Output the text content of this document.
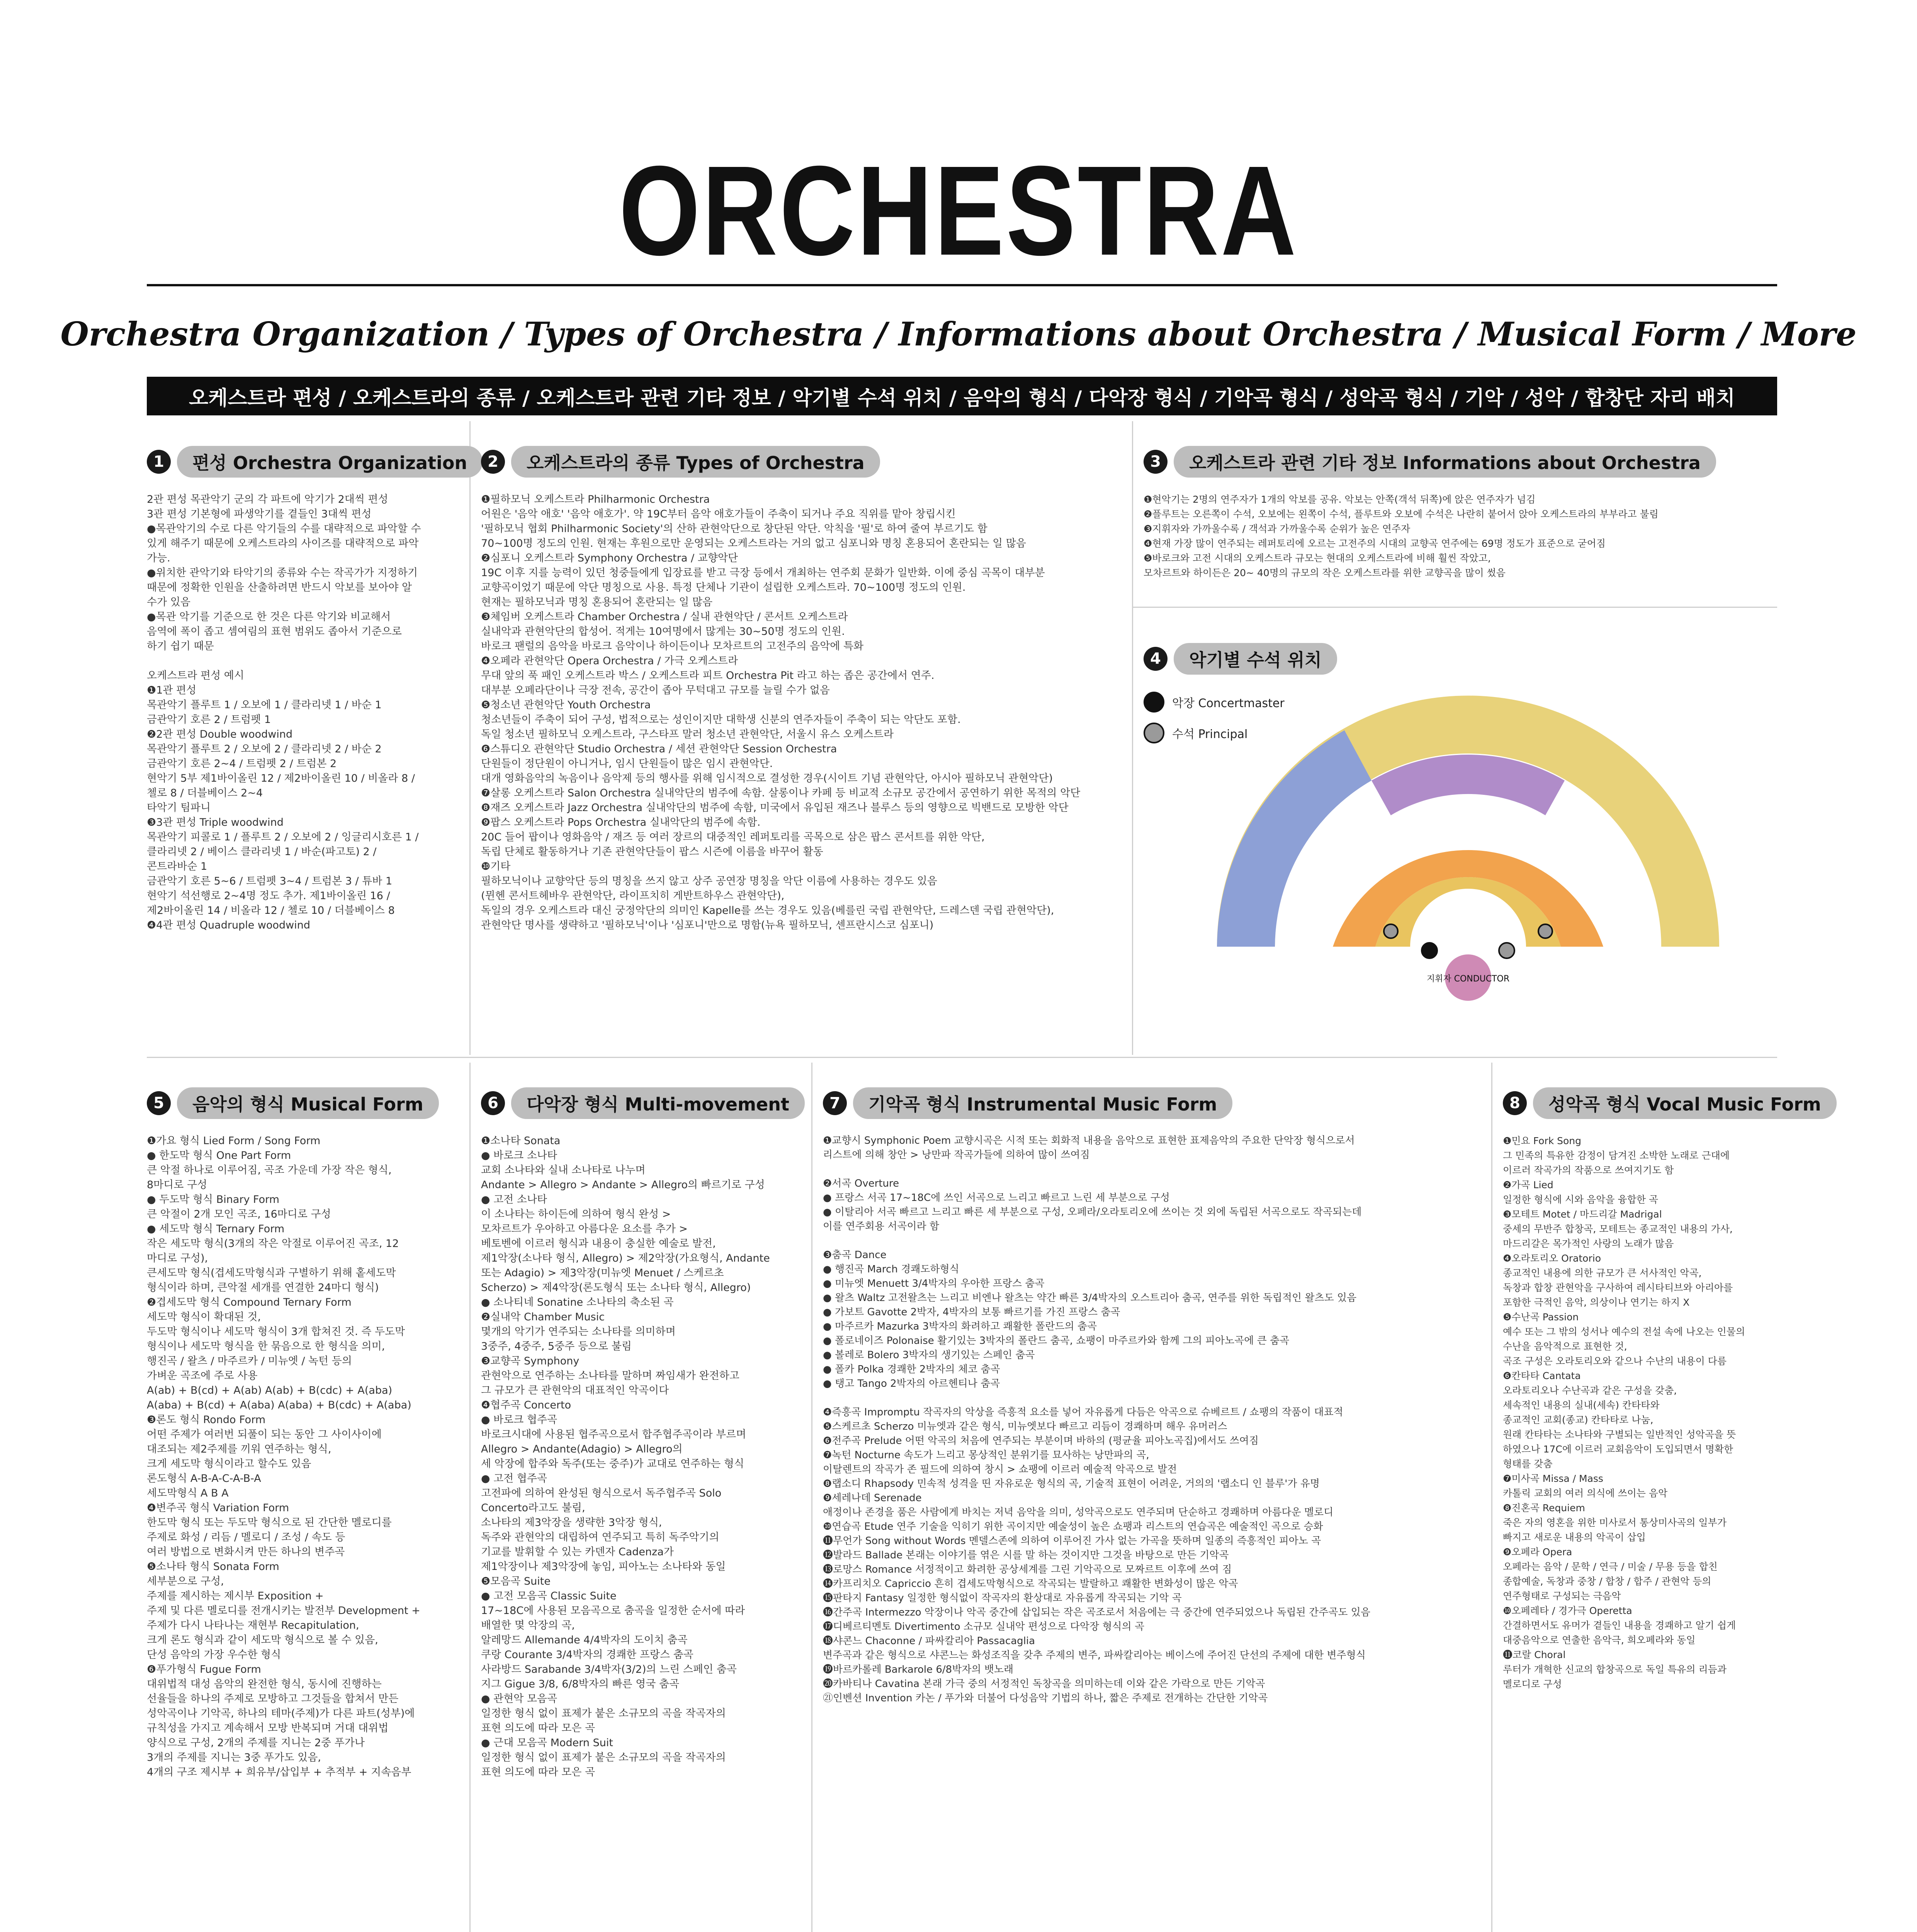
ORCHESTRA
Orchestra Organization / Types of Orchestra / Informations about Orchestra / Musical Form / More
오케스트라 편성 / 오케스트라의 종류 / 오케스트라 관련 기타 정보 / 악기별 수석 위치 / 음악의 형식 / 다악장 형식 / 기악곡 형식 / 성악곡 형식 / 기악 / 성악 / 합창단 자리 배치
1	편성 Orchestra Organization
2관 편성 목관악기 군의 각 파트에 악기가 2대씩 편성
3관 편성 기본형에 파생악기를 곁들인 3대씩 편성
●목관악기의 수로 다른 악기들의 수를 대략적으로 파악할 수
있게 해주기 때문에 오케스트라의 사이즈를 대략적으로 파악
가능.
●위치한 관악기와 타악기의 종류와 수는 작곡가가 지정하기
때문에 정확한 인원을 산출하려면 반드시 악보를 보아야 알
수가 있음
●목관 악기를 기준으로 한 것은 다른 악기와 비교해서
음역에 폭이 좁고 셈여림의 표현 범위도 좁아서 기준으로
하기 쉽기 때문

오케스트라 편성 예시
❶1관 편성
목관악기 플루트 1 / 오보에 1 / 클라리넷 1 / 바순 1
금관악기 호른 2 / 트럼펫 1
❷2관 편성 Double woodwind
목관악기 플루트 2 / 오보에 2 / 클라리넷 2 / 바순 2
금관악기 호른 2~4 / 트럼펫 2 / 트럼본 2
현악기 5부 제1바이올린 12 / 제2바이올린 10 / 비올라 8 /
첼로 8 / 더블베이스 2~4
타악기 팀파니
❸3관 편성 Triple woodwind
목관악기 피콜로 1 / 플루트 2 / 오보에 2 / 잉글리시호른 1 /
클라리넷 2 / 베이스 클라리넷 1 / 바순(파고토) 2 /
콘트라바순 1
금관악기 호른 5~6 / 트럼펫 3~4 / 트럼본 3 / 튜바 1
현악기 석선행로 2~4명 정도 추가. 제1바이올린 16 /
제2바이올린 14 / 비올라 12 / 첼로 10 / 더블베이스 8
❹4관 편성 Quadruple woodwind
2	오케스트라의 종류 Types of Orchestra
❶필하모닉 오케스트라 Philharmonic Orchestra
어원은 '음악 애호' '음악 애호가'. 약 19C부터 음악 애호가들이 주축이 되거나 주요 직위를 맡아 창립시킨
'필하모닉 협회 Philharmonic Society'의 산하 관현악단으로 창단된 악단. 악칙을 '필'로 하여 줄여 부르기도 함
70~100명 정도의 인원. 현재는 후원으로만 운영되는 오케스트라는 거의 없고 심포니와 명칭 혼용되어 혼란되는 일 많음
❷심포니 오케스트라 Symphony Orchestra / 교향악단
19C 이후 지를 능력이 있던 청중들에게 입장료를 받고 극장 등에서 개최하는 연주회 문화가 일반화. 이에 중심 곡목이 대부분
교향곡이었기 때문에 악단 명칭으로 사용. 특정 단체나 기관이 설립한 오케스트라. 70~100명 정도의 인원.
현재는 필하모닉과 명칭 혼용되어 혼란되는 일 많음
❸체임버 오케스트라 Chamber Orchestra / 실내 관현악단 / 콘서트 오케스트라
실내악과 관현악단의 합성어. 적게는 10여명에서 많게는 30~50명 정도의 인원.
바로크 팬럴의 음악을 바로크 음악이나 하이든이나 모차르트의 고전주의 음악에 특화
❹오페라 관현악단 Opera Orchestra / 가극 오케스트라
무대 앞의 푹 패인 오케스트라 박스 / 오케스트라 피트 Orchestra Pit 라고 하는 좁은 공간에서 연주.
대부분 오페라단이나 극장 전속, 공간이 좁아 무턱대고 규모를 늘릴 수가 없음
❺청소년 관현악단 Youth Orchestra
청소년들이 주축이 되어 구성, 법적으로는 성인이지만 대학생 신분의 연주자들이 주축이 되는 악단도 포함.
독일 청소년 필하모닉 오케스트라, 구스타프 말러 청소년 관현악단, 서울시 유스 오케스트라
❻스튜디오 관현악단 Studio Orchestra / 세션 관현악단 Session Orchestra
단원들이 정단원이 아니거나, 임시 단원들이 많은 임시 관현악단.
대개 영화음악의 녹음이나 음악제 등의 행사를 위해 임시적으로 결성한 경우(시이트 기념 관현악단, 아시아 필하모닉 관현악단)
❼살롱 오케스트라 Salon Orchestra 실내악단의 범주에 속함. 살롱이나 카페 등 비교적 소규모 공간에서 공연하기 위한 목적의 악단
❽재즈 오케스트라 Jazz Orchestra 실내악단의 범주에 속함, 미국에서 유입된 재즈나 블루스 등의 영향으로 빅밴드로 모방한 악단
❾팝스 오케스트라 Pops Orchestra 실내악단의 범주에 속함.
20C 들어 팝이나 영화음악 / 재즈 등 여러 장르의 대중적인 레퍼토리를 곡목으로 삼은 팝스 콘서트를 위한 악단,
독립 단체로 활동하거나 기존 관현악단들이 팝스 시즌에 이름을 바꾸어 활동
❿기타
필하모닉이나 교향악단 등의 명칭을 쓰지 않고 상주 공연장 명칭을 악단 이름에 사용하는 경우도 있음
(뮌헨 콘서트헤바우 관현악단, 라이프치히 게반트하우스 관현악단),
독일의 경우 오케스트라 대신 궁정악단의 의미인 Kapelle를 쓰는 경우도 있음(베를린 국립 관현악단, 드레스덴 국립 관현악단),
관현악단 명사를 생략하고 '필하모닉'이나 '심포니'만으로 명함(뉴욕 필하모닉, 센프란시스코 심포니)
3	오케스트라 관련 기타 정보 Informations about Orchestra
❶현악기는 2명의 연주자가 1개의 악보를 공유. 악보는 안쪽(객석 뒤쪽)에 앉은 연주자가 넘김
❷플루트는 오른쪽이 수석, 오보에는 왼쪽이 수석, 플루트와 오보에 수석은 나란히 붙어서 앉아 오케스트라의 부부라고 불림
❸지휘자와 가까울수록 / 객석과 가까울수록 순위가 높은 연주자
❹현재 가장 많이 연주되는 레퍼토리에 오르는 고전주의 시대의 교향곡 연주에는 69명 정도가 표준으로 굳어짐
❺바로크와 고전 시대의 오케스트라 규모는 현대의 오케스트라에 비해 훨씬 작았고,
모차르트와 하이든은 20~ 40명의 규모의 작은 오케스트라를 위한 교향곡을 많이 썼음
4	악기별 수석 위치
악장 Concertmaster
수석 Principal
지휘자 CONDUCTOR
5	음악의 형식 Musical Form
❶가요 형식 Lied Form / Song Form
● 한도막 형식 One Part Form
큰 악절 하나로 이루어짐, 곡조 가운데 가장 작은 형식,
8마디로 구성
● 두도막 형식 Binary Form
큰 악절이 2개 모인 곡조, 16마디로 구성
● 세도막 형식 Ternary Form
작은 세도막 형식(3개의 작은 악절로 이루어진 곡조, 12
마디로 구성),
큰세도막 형식(겹세도막형식과 구별하기 위해 홑세도막
형식이라 하며, 큰악절 세개를 연결한 24마디 형식)
❷겹세도막 형식 Compound Ternary Form
세도막 형식이 확대된 것,
두도막 형식이나 세도막 형식이 3개 합쳐진 것. 즉 두도막
형식이나 세도막 형식을 한 묶음으로 한 형식을 의미,
행진곡 / 왈츠 / 마주르카 / 미뉴엣 / 녹턴 등의
가벼운 곡조에 주로 사용
A(ab) + B(cd) + A(ab) A(ab) + B(cdc) + A(aba)
A(aba) + B(cd) + A(aba) A(aba) + B(cdc) + A(aba)
❸론도 형식 Rondo Form
어떤 주제가 여러번 되풀이 되는 동안 그 사이사이에
대조되는 제2주제를 끼워 연주하는 형식,
크게 세도막 형식이라고 할수도 있음
론도형식 A-B-A-C-A-B-A
세도막형식 A B A
❹변주곡 형식 Variation Form
한도막 형식 또는 두도막 형식으로 된 간단한 멜로디를
주제로 화성 / 리듬 / 멜로디 / 조성 / 속도 등
여러 방법으로 변화시켜 만든 하나의 변주곡
❺소나타 형식 Sonata Form
세부분으로 구성,
주제를 제시하는 제시부 Exposition +
주제 및 다른 멜로디를 전개시키는 발전부 Development +
주제가 다시 나타나는 재현부 Recapitulation,
크게 론도 형식과 같이 세도막 형식으로 볼 수 있음,
단성 음악의 가장 우수한 형식
❻푸가형식 Fugue Form
대위법적 대성 음악의 완전한 형식, 동시에 진행하는
선율들을 하나의 주제로 모방하고 그것들을 합쳐서 만든
성악곡이나 기악곡, 하나의 테마(주제)가 다른 파트(성부)에
규칙성을 가지고 계속해서 모방 반복되며 거대 대위법
양식으로 구성, 2개의 주제를 지니는 2중 푸가나
3개의 주제를 지니는 3중 푸가도 있음,
4개의 구조 제시부 + 희유부/삽입부 + 추적부 + 지속음부
6	다악장 형식 Multi-movement
❶소나타 Sonata
● 바로크 소나타
교회 소나타와 실내 소나타로 나누며
Andante > Allegro > Andante > Allegro의 빠르기로 구성
● 고전 소나타
이 소나타는 하이든에 의하여 형식 완성 >
모차르트가 우아하고 아름다운 요소를 추가 >
베토벤에 이르러 형식과 내용이 충실한 예술로 발전,
제1악장(소나타 형식, Allegro) > 제2악장(가요형식, Andante
또는 Adagio) > 제3악장(미뉴엣 Menuet / 스케르초
Scherzo) > 제4악장(론도형식 또는 소나타 형식, Allegro)
● 소나티네 Sonatine 소나타의 축소된 곡
❷실내악 Chamber Music
몇개의 악기가 연주되는 소나타를 의미하며
3중주, 4중주, 5중주 등으로 불림
❸교향곡 Symphony
관현악으로 연주하는 소나타를 말하며 짜임새가 완전하고
그 규모가 큰 관현악의 대표적인 악곡이다
❹협주곡 Concerto
● 바로크 협주곡
바로크시대에 사용된 협주곡으로서 합주협주곡이라 부르며
Allegro > Andante(Adagio) > Allegro의
세 악장에 합주와 독주(또는 중주)가 교대로 연주하는 형식
● 고전 협주곡
고전파에 의하여 완성된 형식으로서 독주협주곡 Solo
Concerto라고도 불림,
소나타의 제3악장을 생략한 3악장 형식,
독주와 관현악의 대립하여 연주되고 특히 독주악기의
기교를 발휘할 수 있는 카덴자 Cadenza가
제1악장이나 제3악장에 놓임, 피아노는 소나타와 동일
❺모음곡 Suite
● 고전 모음곡 Classic Suite
17~18C에 사용된 모음곡으로 춤곡을 일정한 순서에 따라
배열한 몇 악장의 곡,
알레망드 Allemande 4/4박자의 도이치 춤곡
쿠랑 Courante 3/4박자의 경쾌한 프랑스 춤곡
사라방드 Sarabande 3/4박자(3/2)의 느린 스페인 춤곡
지그 Gigue 3/8, 6/8박자의 빠른 영국 춤곡
● 관현악 모음곡
일정한 형식 없이 표제가 붙은 소규모의 곡을 작곡자의
표현 의도에 따라 모은 곡
● 근대 모음곡 Modern Suit
일정한 형식 없이 표제가 붙은 소규모의 곡을 작곡자의
표현 의도에 따라 모은 곡
7	기악곡 형식 Instrumental Music Form
❶교향시 Symphonic Poem 교향시곡은 시적 또는 회화적 내용을 음악으로 표현한 표제음악의 주요한 단악장 형식으로서
리스트에 의해 창안 > 낭만파 작곡가들에 의하여 많이 쓰여짐

❷서곡 Overture
● 프랑스 서곡 17~18C에 쓰인 서곡으로 느리고 빠르고 느린 세 부분으로 구성
● 이탈리아 서곡 빠르고 느리고 빠른 세 부분으로 구성, 오페라/오라토리오에 쓰이는 것 외에 독립된 서곡으로도 작곡되는데
이를 연주회용 서곡이라 함

❸춤곡 Dance
● 행진곡 March 경쾌도하형식
● 미뉴엣 Menuett 3/4박자의 우아한 프랑스 춤곡
● 왈츠 Waltz 고전왈츠는 느리고 비엔나 왈츠는 약간 빠른 3/4박자의 오스트리아 춤곡, 연주를 위한 독립적인 왈츠도 있음
● 가보트 Gavotte 2박자, 4박자의 보통 빠르기를 가진 프랑스 춤곡
● 마주르카 Mazurka 3박자의 화려하고 쾌활한 폴란드의 춤곡
● 폴로네이즈 Polonaise 활기있는 3박자의 폴란드 춤곡, 쇼팽이 마주르카와 함께 그의 피아노곡에 큰 춤곡
● 볼레로 Bolero 3박자의 생기있는 스페인 춤곡
● 폴카 Polka 경쾌한 2박자의 체코 춤곡
● 탱고 Tango 2박자의 아르헨티나 춤곡

❹즉흥곡 Impromptu 작곡자의 악상을 즉흥적 요소를 넣어 자유롭게 다듬은 악곡으로 슈베르트 / 쇼팽의 작품이 대표적
❺스케르초 Scherzo 미뉴엣과 같은 형식, 미뉴엣보다 빠르고 리듬이 경쾌하며 해우 유머러스
❻전주곡 Prelude 어떤 악곡의 처음에 연주되는 부분이며 바하의 (평균율 피아노곡집)에서도 쓰여짐
❼녹턴 Nocturne 속도가 느리고 몽상적인 분위기를 묘사하는 낭만파의 곡,
이탈렌트의 작곡가 존 필드에 의하여 창시 > 쇼팽에 이르러 예술적 악곡으로 발전
❽랩소디 Rhapsody 민속적 성격을 띤 자유로운 형식의 곡, 기술적 표현이 어려운, 거의의 '랩소디 인 블루'가 유명
❾세레나데 Serenade
애정이나 존경을 품은 사람에게 바치는 저녁 음악을 의미, 성악곡으로도 연주되며 단순하고 경쾌하며 아름다운 멜로디
❿연습곡 Etude 연주 기술을 익히기 위한 곡이지만 예술성이 높은 쇼팽과 리스트의 연습곡은 예술적인 곡으로 승화
⓫무언가 Song without Words 멘델스존에 의하여 이루어진 가사 없는 가곡을 뜻하며 일종의 즉흥적인 피아노 곡
⓬발라드 Ballade 본래는 이야기를 엮은 시를 말 하는 것이지만 그것을 바탕으로 만든 기악곡
⓭로망스 Romance 서정적이고 화려한 공상세계를 그린 기악곡으로 모짜르트 이후에 쓰여 짐
⓮카프리치오 Capriccio 흔히 겹세도막형식으로 작곡되는 발랄하고 쾌활한 변화성이 많은 악곡
⓯판타지 Fantasy 일정한 형식없이 작곡자의 환상대로 자유롭게 작곡되는 기악 곡
⓰간주곡 Intermezzo 악장이나 악곡 중간에 삽입되는 작은 곡조로서 처음에는 극 중간에 연주되었으나 독립된 간주곡도 있음
⓱디베르티멘토 Divertimento 소규모 실내악 편성으로 다악장 형식의 곡
⓲샤콘느 Chaconne / 파싸칼리아 Passacaglia
변주곡과 같은 형식으로 샤콘느는 화성조직을 갖추 주제의 변주, 파싸칼리아는 베이스에 주어진 단선의 주제에 대한 변주형식
⓳바르카롤레 Barkarole 6/8박자의 뱃노래
⓴카바티나 Cavatina 본래 가극 중의 서정적인 독창곡을 의미하는데 이와 같은 가락으로 만든 기악곡
㉑인벤션 Invention 카논 / 푸가와 더불어 다성음악 기법의 하나, 짧은 주제로 전개하는 간단한 기악곡
8	성악곡 형식 Vocal Music Form
❶민요 Fork Song
그 민족의 특유한 감정이 담겨진 소박한 노래로 근대에
이르러 작곡가의 작품으로 쓰여지기도 함
❷가곡 Lied
일정한 형식에 시와 음악을 융합한 곡
❸모테트 Motet / 마드리갈 Madrigal
중세의 무반주 합창곡, 모테트는 종교적인 내용의 가사,
마드리갈은 목가적인 사랑의 노래가 많음
❹오라토리오 Oratorio
종교적인 내용에 의한 규모가 큰 서사적인 악곡,
독창과 합창 관현악을 구사하여 레시타티브와 아리아를
포함한 극적인 음악, 의상이나 연기는 하지 X
❺수난곡 Passion
예수 또는 그 밖의 성서나 예수의 전설 속에 나오는 인물의
수난을 음악적으로 표현한 것,
곡조 구성은 오라토리오와 같으나 수난의 내용이 다름
❻칸타타 Cantata
오라토리오나 수난곡과 같은 구성을 갖춤,
세속적인 내용의 실내(세속) 칸타타와
종교적인 교회(종교) 칸타타로 나눔,
원래 칸타타는 소나타와 구별되는 일반적인 성악곡을 뜻
하였으나 17C에 이르러 교회음악이 도입되면서 명확한
형태를 갖춤
❼미사곡 Missa / Mass
카톨릭 교회의 여러 의식에 쓰이는 음악
❽진혼곡 Requiem
죽은 자의 영혼을 위한 미사로서 통상미사곡의 일부가
빠지고 새로운 내용의 악곡이 삽입
❾오페라 Opera
오페라는 음악 / 문학 / 연극 / 미술 / 무용 등을 합친
종합예술, 독창과 중창 / 합창 / 합주 / 관현악 등의
연주형태로 구성되는 극음악
❿오페레타 / 경가극 Operetta
간결하면서도 유머가 곁들인 내용을 경쾌하고 알기 쉽게
대중음악으로 연출한 음악극, 희오페라와 동일
⓫코랄 Choral
루터가 개혁한 신교의 합창곡으로 독일 특유의 리듬과
멜로디로 구성
